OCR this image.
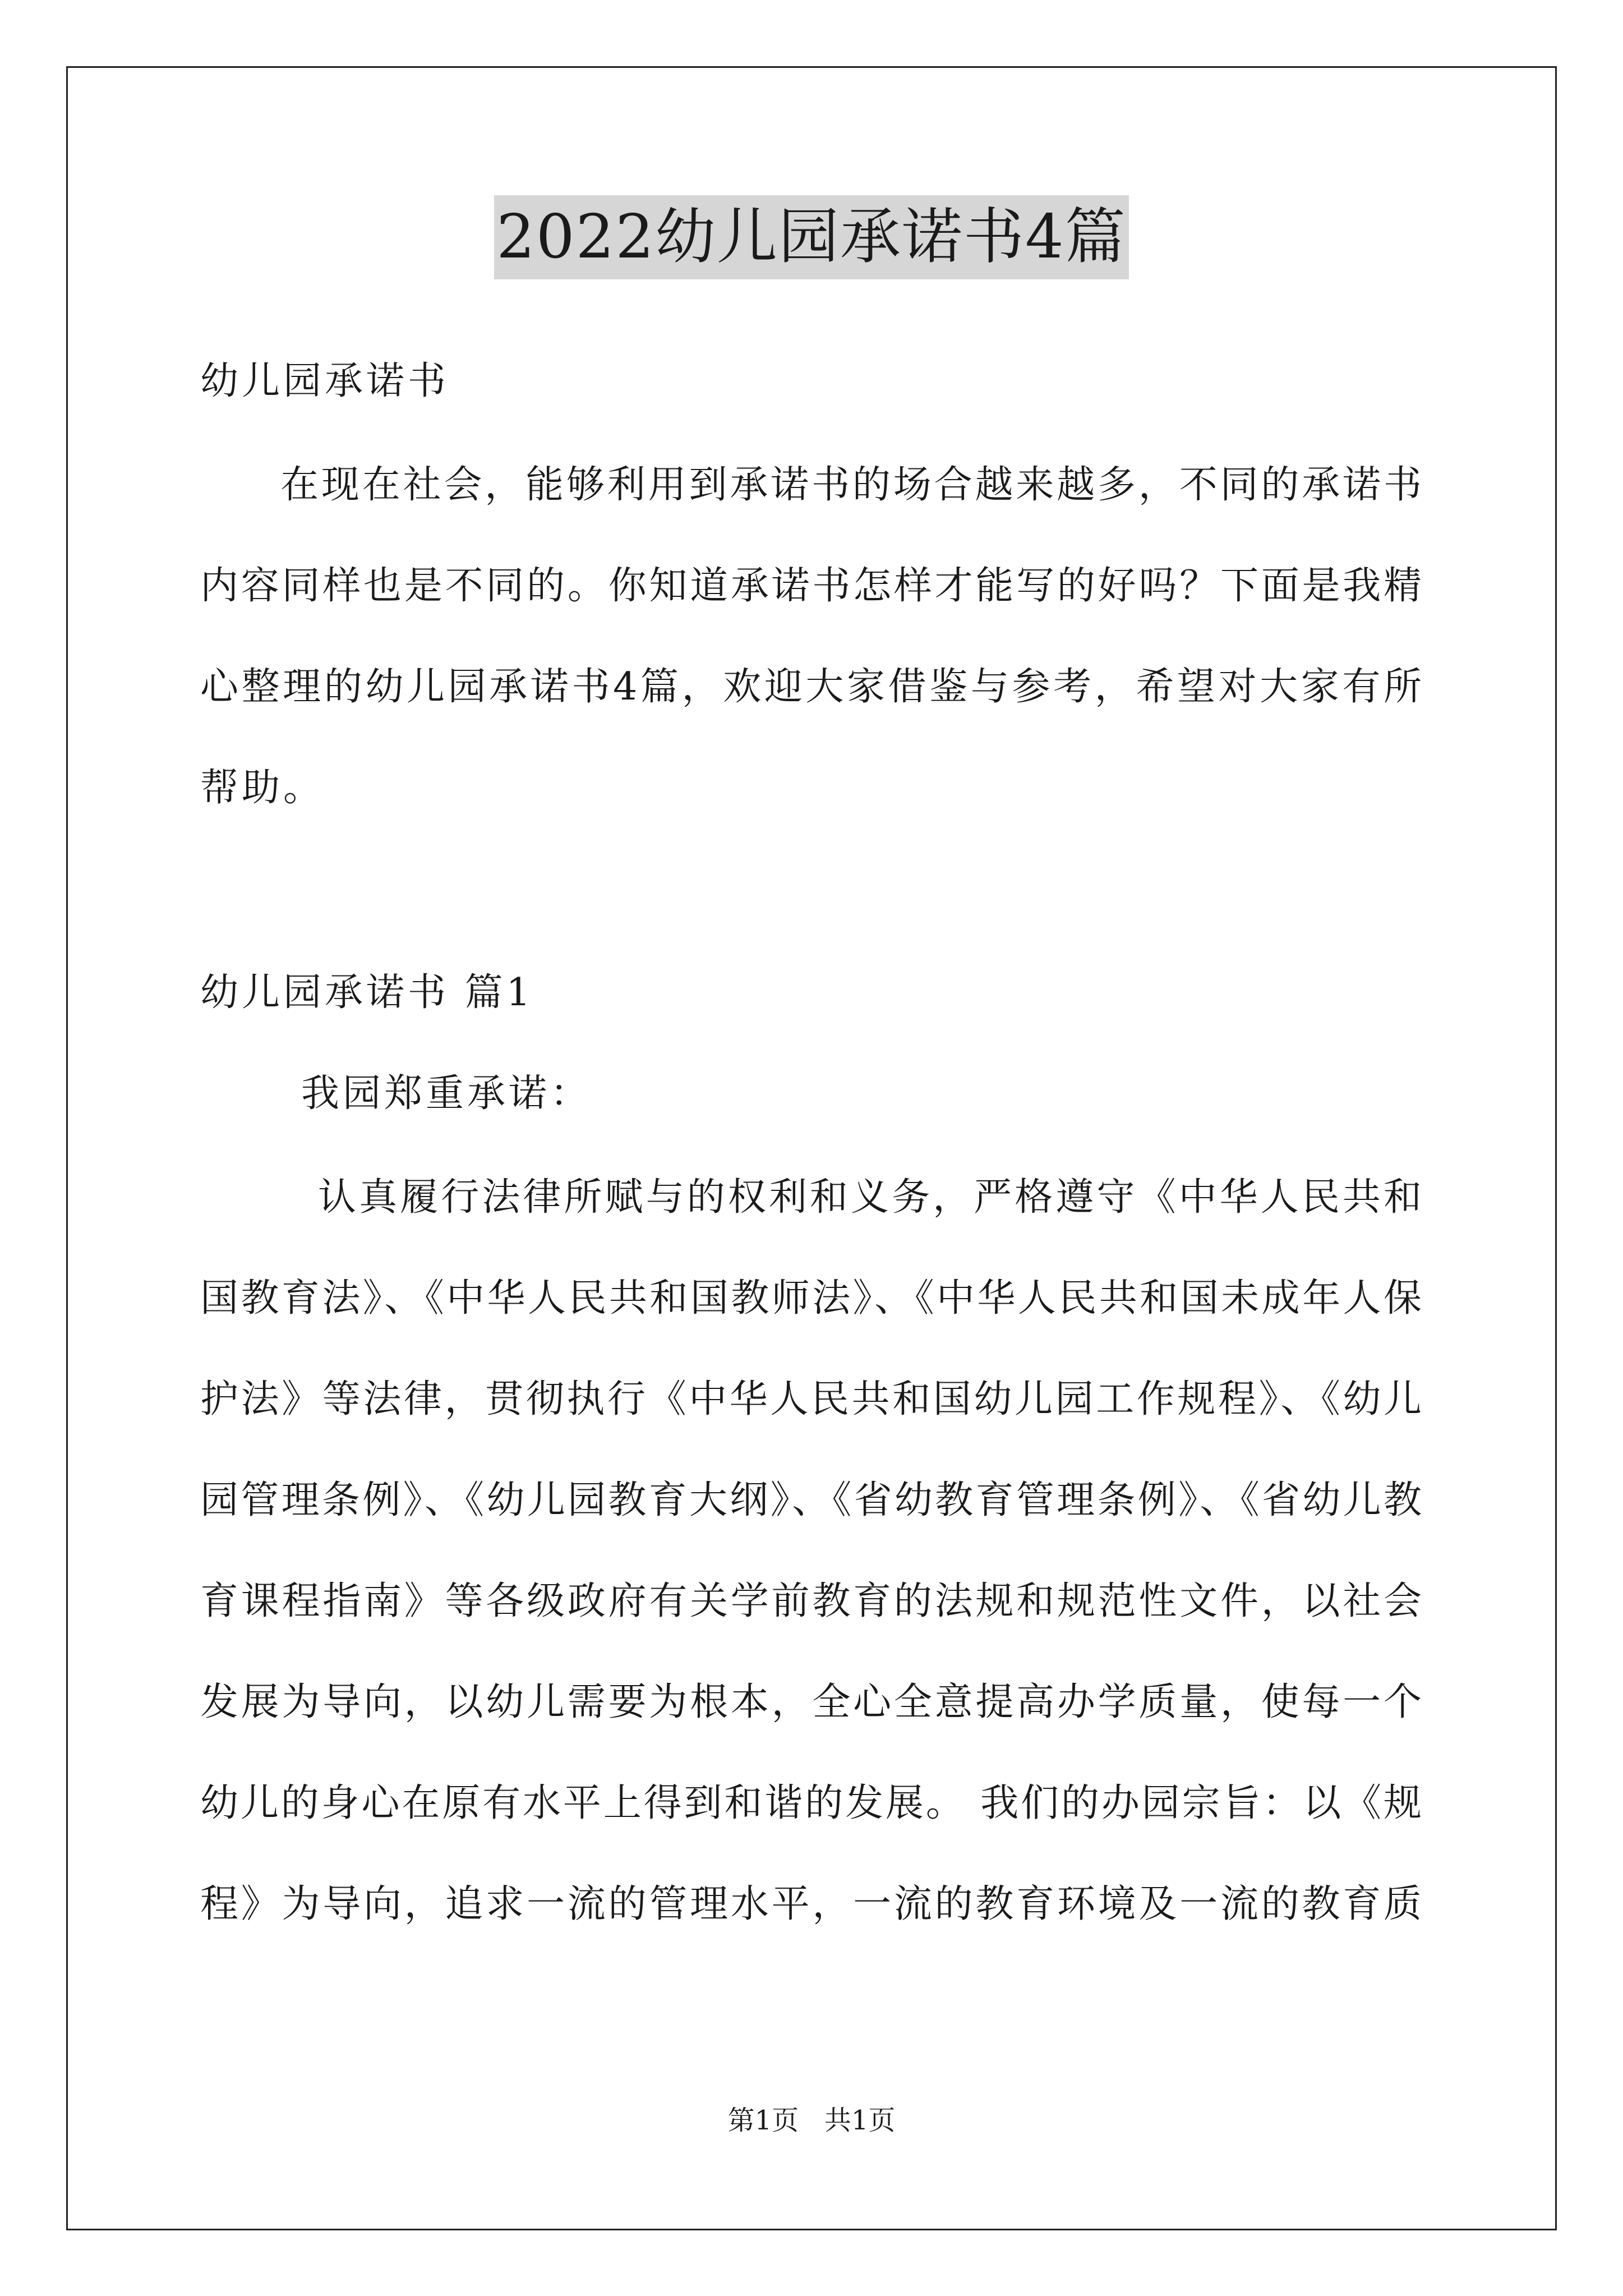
2022幼儿园承诺书4篇
幼儿园承诺书
在现在社会，能够利用到承诺书的场合越来越多，不同的承诺书
内容同样也是不同的。你知道承诺书怎样才能写的好吗？下面是我精
心整理的幼儿园承诺书4篇，欢迎大家借鉴与参考，希望对大家有所
帮助。
幼儿园承诺书 篇1
我园郑重承诺：
认真履行法律所赋与的权利和义务，严格遵守《中华人民共和
国教育法》、《中华人民共和国教师法》、《中华人民共和国未成年人保
护法》等法律，贯彻执行《中华人民共和国幼儿园工作规程》、《幼儿
园管理条例》、《幼儿园教育大纲》、《省幼教育管理条例》、《省幼儿教
育课程指南》等各级政府有关学前教育的法规和规范性文件，以社会
发展为导向，以幼儿需要为根本，全心全意提高办学质量，使每一个
幼儿的身心在原有水平上得到和谐的发展。 我们的办园宗旨：以《规
程》为导向，追求一流的管理水平，一流的教育环境及一流的教育质
第1页   共1页
